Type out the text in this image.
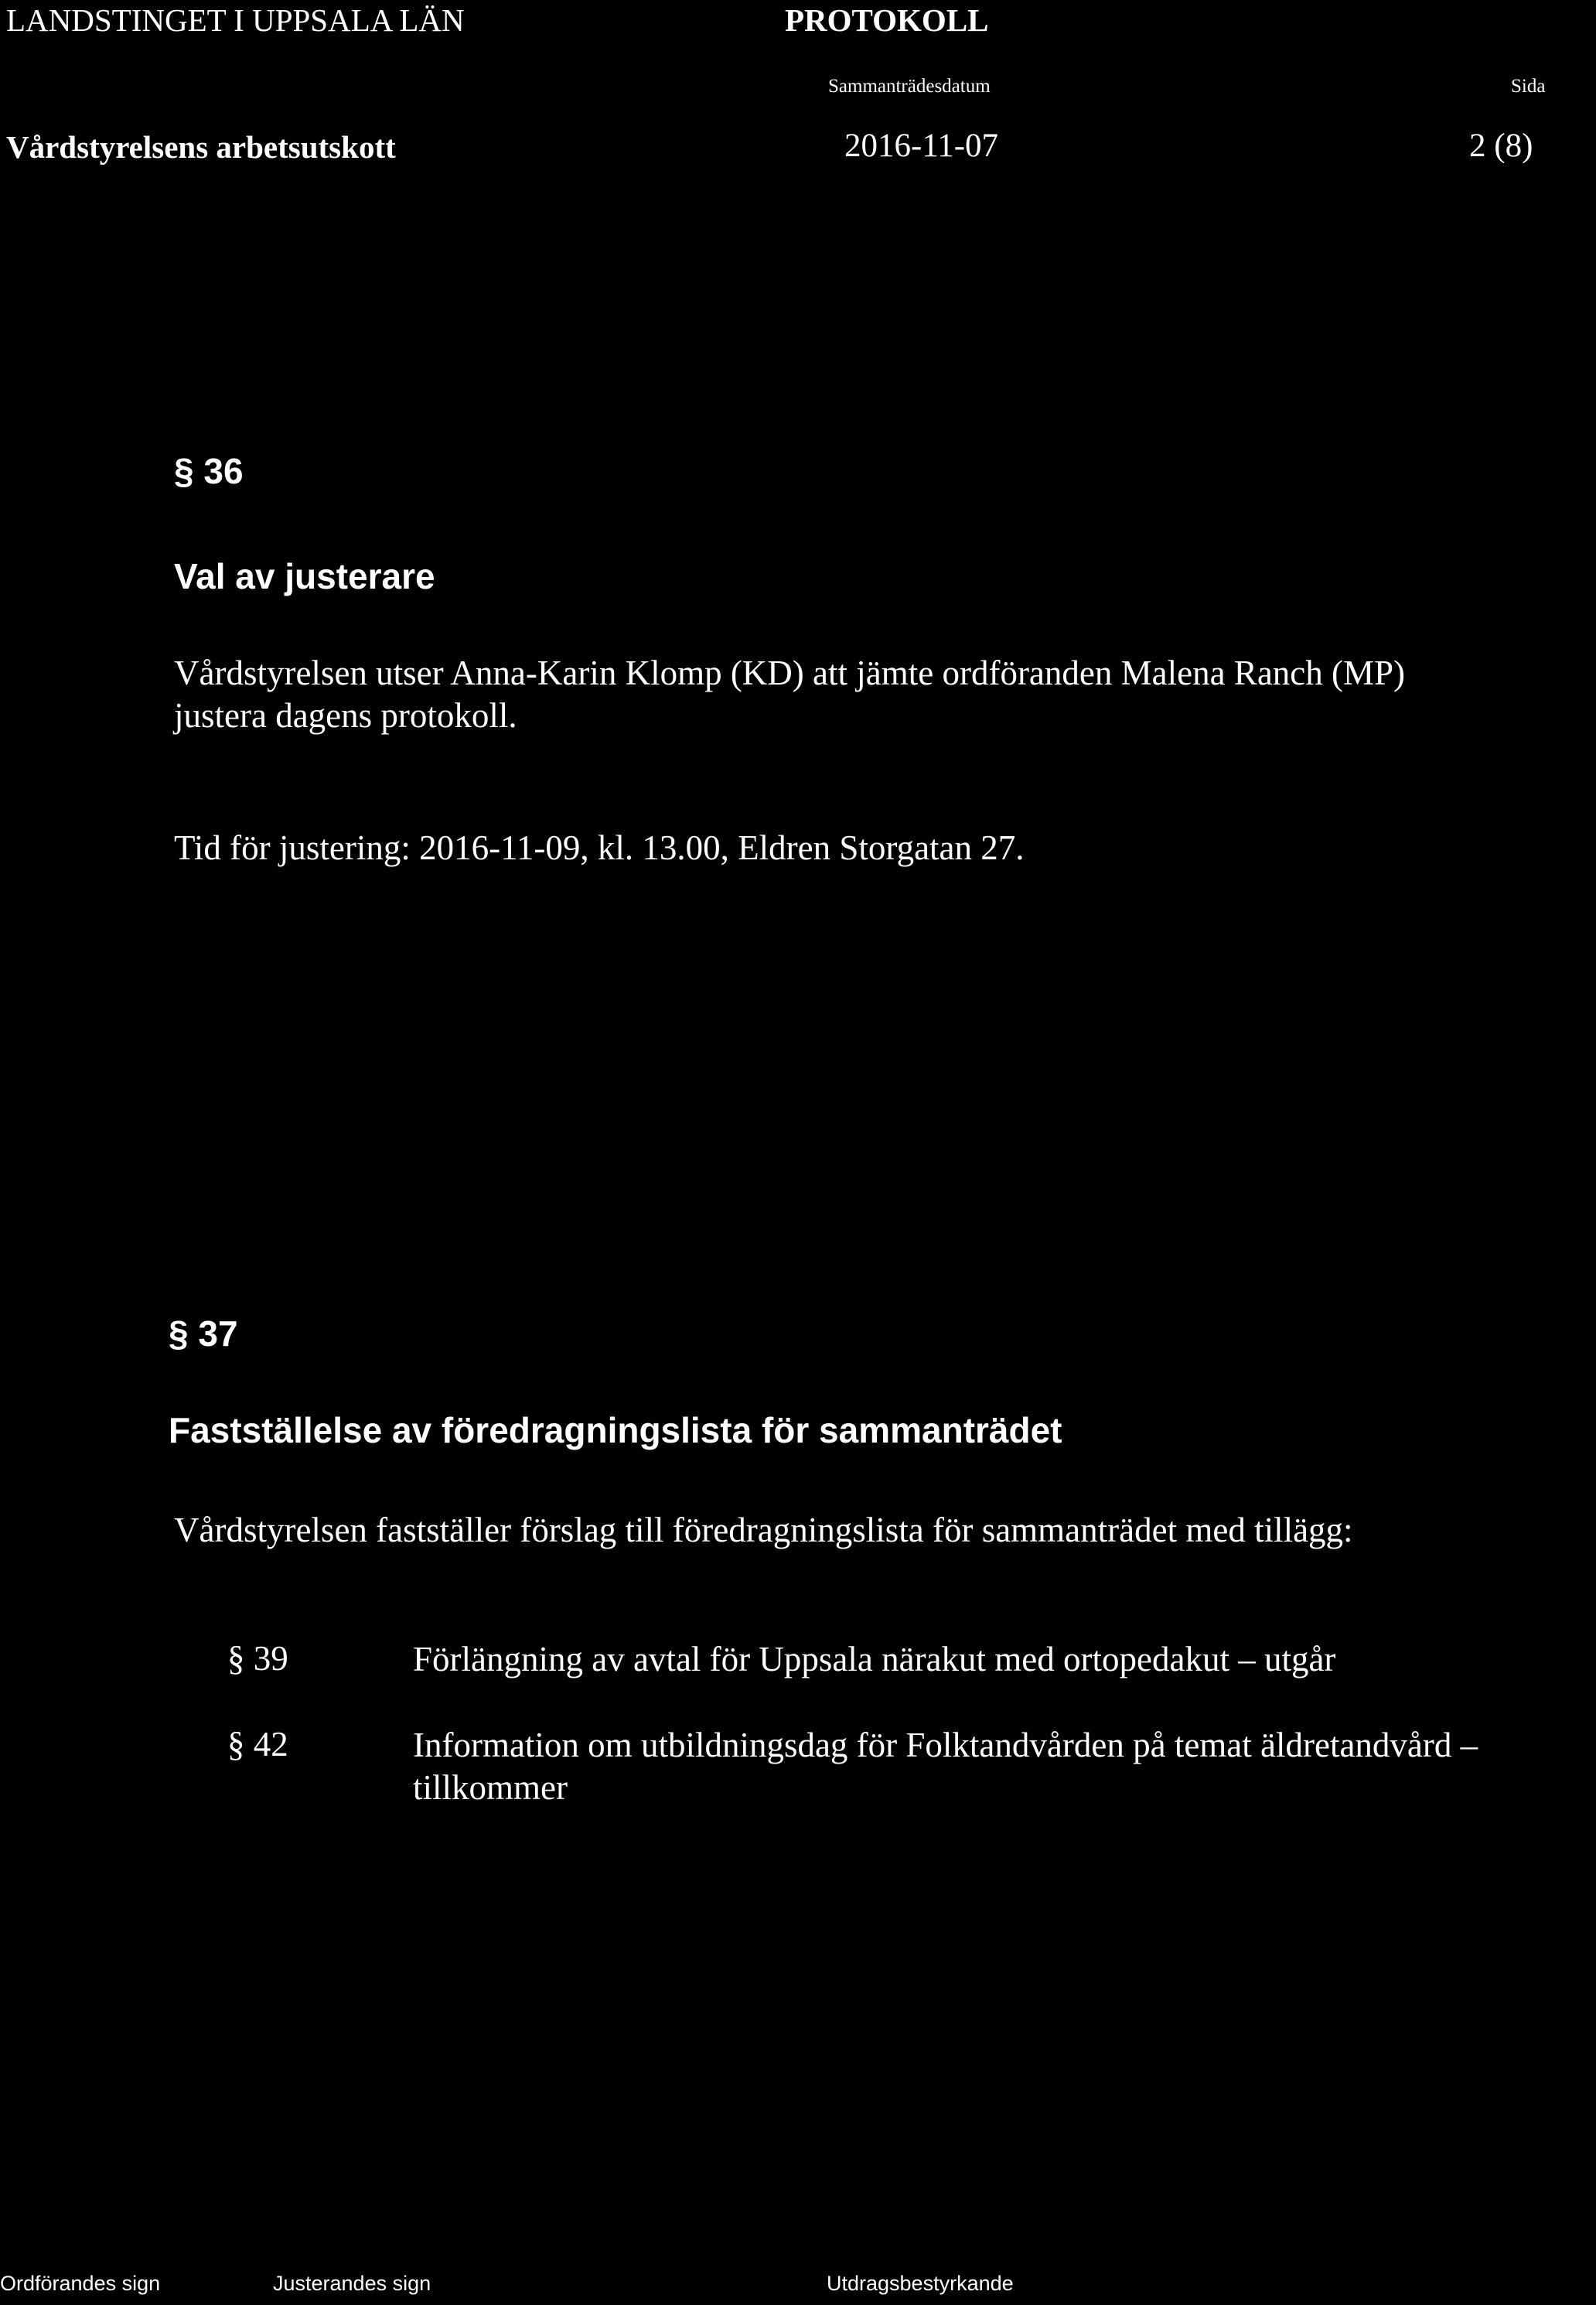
LANDSTINGET I UPPSALA LÄN	PROTOKOLL
Sammanträdesdatum	Sida
Vårdstyrelsens arbetsutskott	2016-11-07	2 (8)
§ 36
Val av justerare
Vårdstyrelsen utser Anna-Karin Klomp (KD) att jämte ordföranden Malena Ranch (MP)
justera dagens protokoll.
Tid för justering: 2016-11-09, kl. 13.00, Eldren Storgatan 27.
§ 37
Fastställelse av föredragningslista för sammanträdet
Vårdstyrelsen fastställer förslag till föredragningslista för sammanträdet med tillägg:
§ 39	Förlängning av avtal för Uppsala närakut med ortopedakut – utgår
§ 42	Information om utbildningsdag för Folktandvården på temat äldretandvård –
tillkommer
Ordförandes sign	Justerandes sign	Utdragsbestyrkande
